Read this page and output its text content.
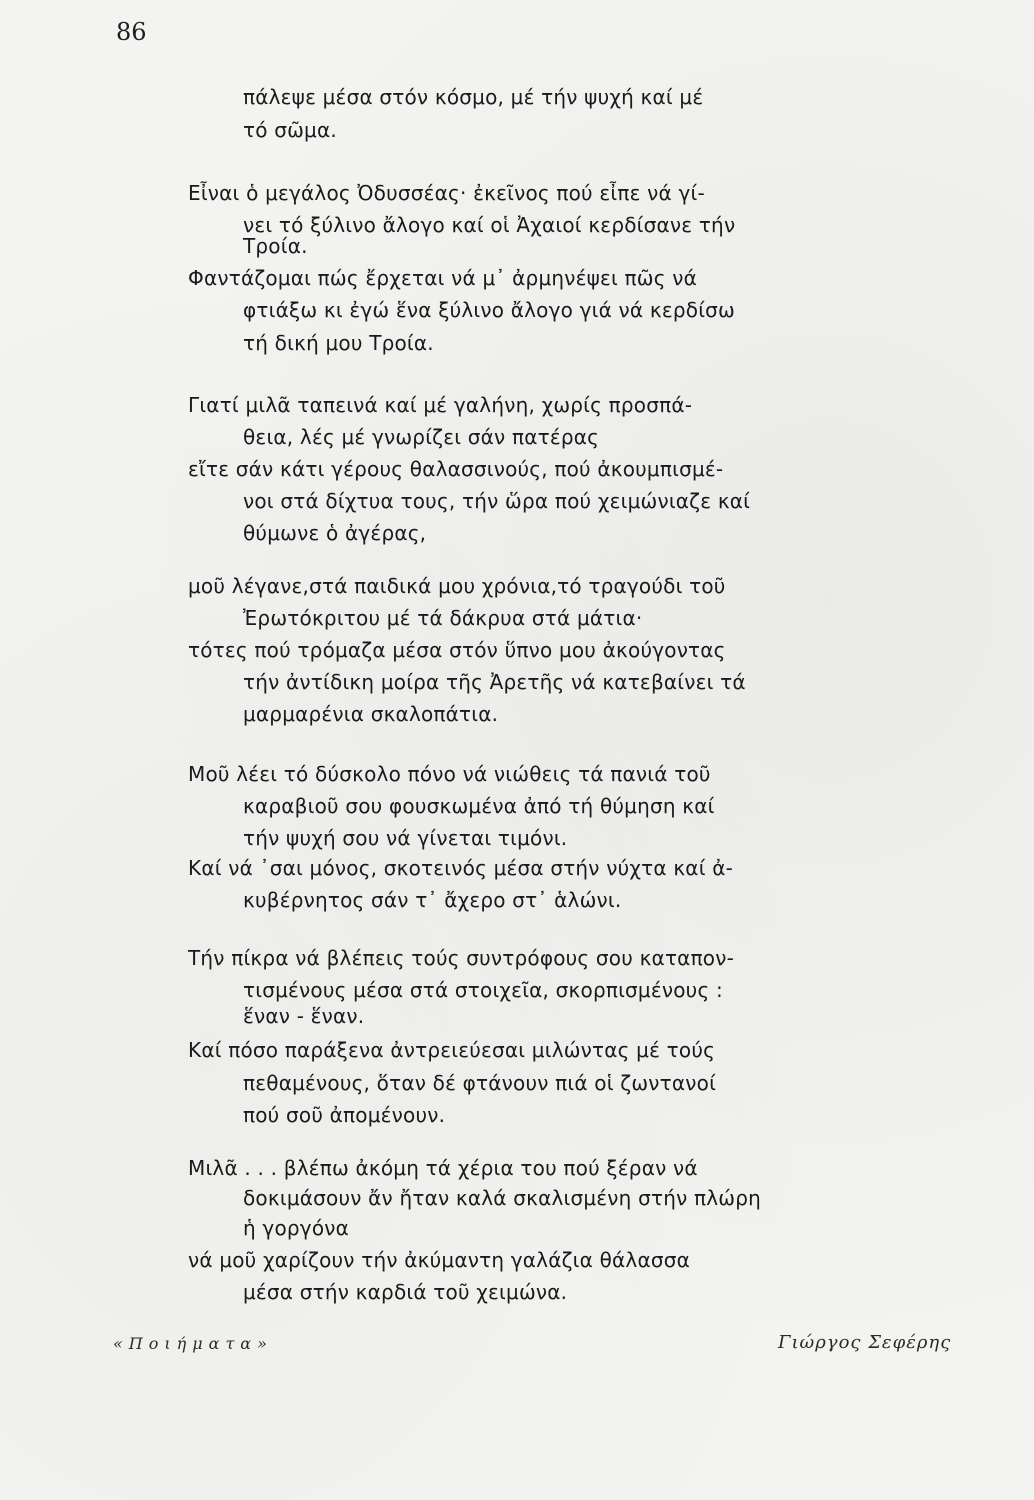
86
πάλεψε μέσα στόν κόσμο, μέ τήν ψυχή καί μέ
τό σῶμα.
Εἶναι ὁ μεγάλος Ὀδυσσέας· ἐκεῖνος πού εἶπε νά γί-
νει τό ξύλινο ἄλογο καί οἱ Ἀχαιοί κερδίσανε τήν
Τροία.
Φαντάζομαι πώς ἔρχεται νά μ᾿ ἀρμηνέψει πῶς νά
φτιάξω κι ἐγώ ἕνα ξύλινο ἄλογο γιά νά κερδίσω
τή δική μου Τροία.
Γιατί μιλᾶ ταπεινά καί μέ γαλήνη, χωρίς προσπά-
θεια, λές μέ γνωρίζει σάν πατέρας
εἴτε σάν κάτι γέρους θαλασσινούς, πού ἀκουμπισμέ-
νοι στά δίχτυα τους, τήν ὥρα πού χειμώνιαζε καί
θύμωνε ὁ ἀγέρας,
μοῦ λέγανε,στά παιδικά μου χρόνια,τό τραγούδι τοῦ
Ἐρωτόκριτου μέ τά δάκρυα στά μάτια·
τότες πού τρόμαζα μέσα στόν ὕπνο μου ἀκούγοντας
τήν ἀντίδικη μοίρα τῆς Ἀρετῆς νά κατεβαίνει τά
μαρμαρένια σκαλοπάτια.
Μοῦ λέει τό δύσκολο πόνο νά νιώθεις τά πανιά τοῦ
καραβιοῦ σου φουσκωμένα ἀπό τή θύμηση καί
τήν ψυχή σου νά γίνεται τιμόνι.
Καί νά ᾿σαι μόνος, σκοτεινός μέσα στήν νύχτα καί ἀ-
κυβέρνητος σάν τ᾿ ἄχερο στ᾿ ἁλώνι.
Τήν πίκρα νά βλέπεις τούς συντρόφους σου καταπον-
τισμένους μέσα στά στοιχεῖα, σκορπισμένους :
ἕναν - ἕναν.
Καί πόσο παράξενα ἀντρειεύεσαι μιλώντας μέ τούς
πεθαμένους, ὅταν δέ φτάνουν πιά οἱ ζωντανοί
πού σοῦ ἀπομένουν.
Μιλᾶ . . . βλέπω ἀκόμη τά χέρια του πού ξέραν νά
δοκιμάσουν ἄν ἤταν καλά σκαλισμένη στήν πλώρη
ἡ γοργόνα
νά μοῦ χαρίζουν τήν ἀκύμαντη γαλάζια θάλασσα
μέσα στήν καρδιά τοῦ χειμώνα.
«Ποιήματα»	Γιώργος Σεφέρης
